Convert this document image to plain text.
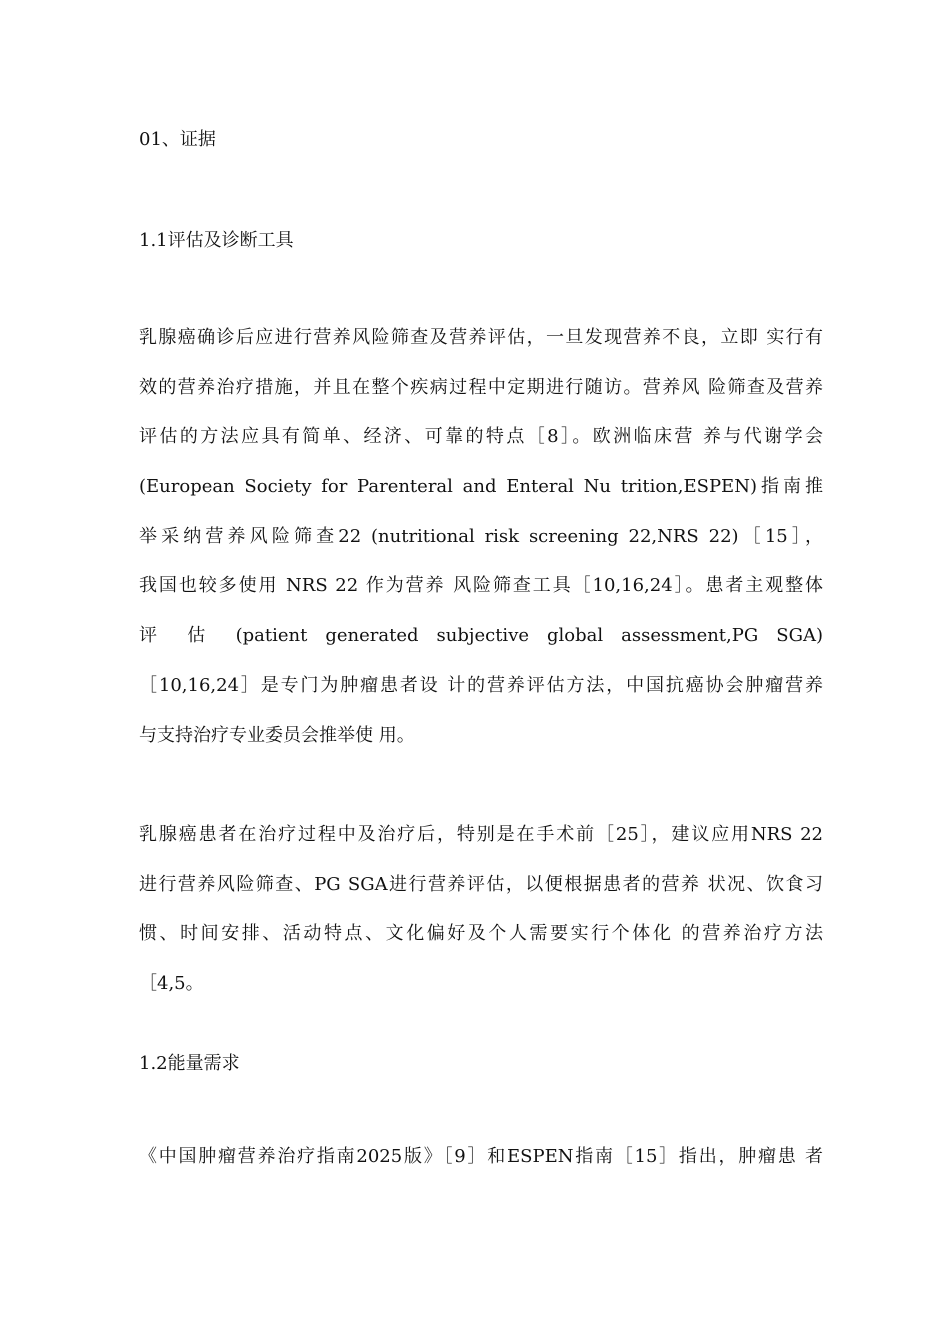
01、证据
1.1评估及诊断工具
乳腺癌确诊后应进行营养风险筛查及营养评估，一旦发现营养不良，立即 实行有
效的营养治疗措施，并且在整个疾病过程中定期进行随访。营养风 险筛查及营养
评估的方法应具有简单、经济、可靠的特点［8］。欧洲临床营 养与代谢学会
(European Society for Parenteral and Enteral Nu trition,ESPEN)指南推
举采纳营养风险筛查22 (nutritional risk screening 22,NRS 22)［15］，
我国也较多使用 NRS 22 作为营养 风险筛查工具［10,16,24］。患者主观整体
评 估 (patient generated subjective global assessment,PG SGA)
［10,16,24］是专门为肿瘤患者设 计的营养评估方法，中国抗癌协会肿瘤营养
与支持治疗专业委员会推举使 用。
乳腺癌患者在治疗过程中及治疗后，特别是在手术前［25］，建议应用NRS 22
进行营养风险筛查、PG SGA进行营养评估，以便根据患者的营养 状况、饮食习
惯、时间安排、活动特点、文化偏好及个人需要实行个体化 的营养治疗方法
［4,5。
1.2能量需求
《中国肿瘤营养治疗指南2025版》［9］和ESPEN指南［15］指出，肿瘤患 者
